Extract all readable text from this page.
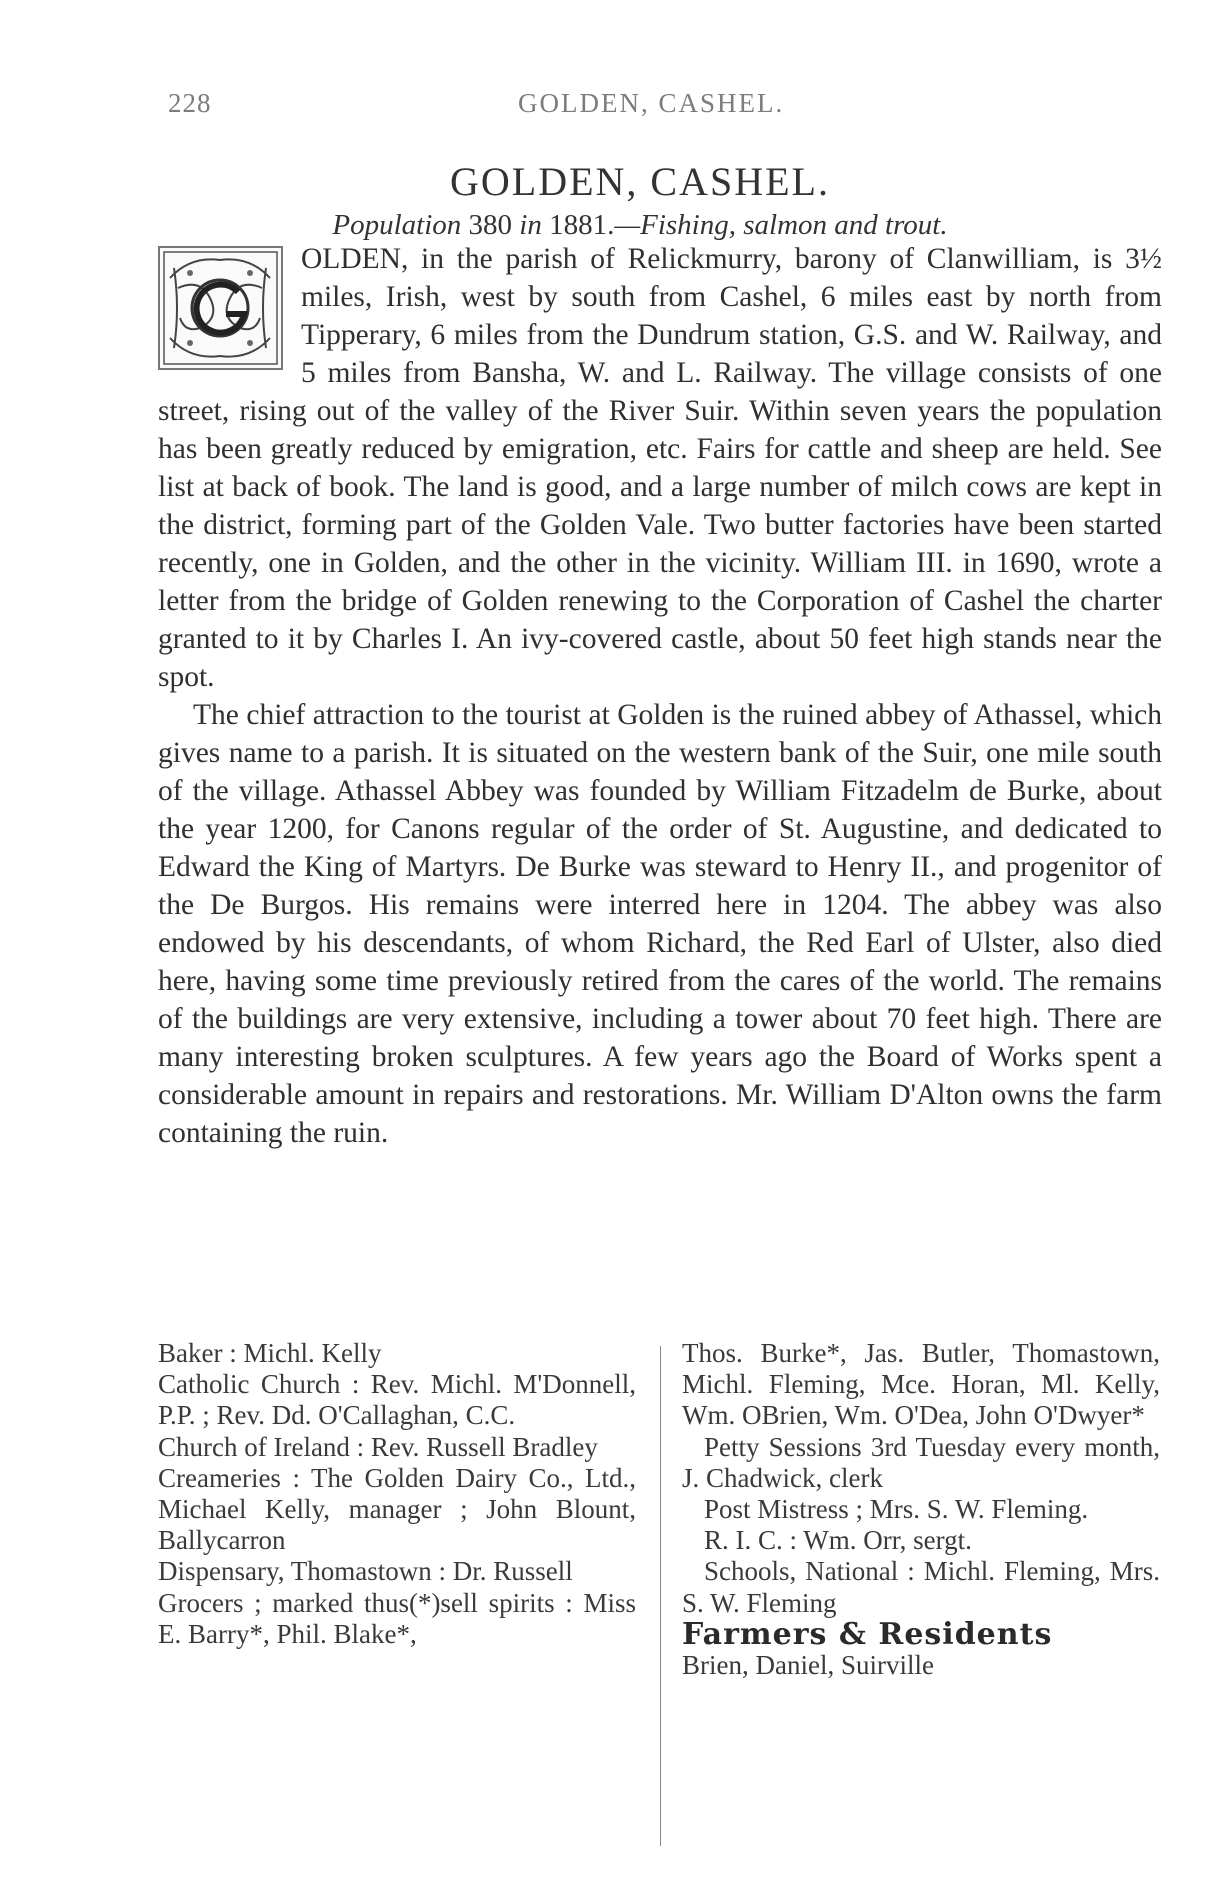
228	GOLDEN, CASHEL.
GOLDEN, CASHEL.
Population 380 in 1881.—Fishing, salmon and trout.

OLDEN, in the parish of Relickmurry, barony of Clanwilliam, is 3½ miles, Irish, west by south from Cashel, 6 miles east by north from Tipperary, 6 miles from the Dundrum station, G.S. and W. Railway, and 5 miles from Bansha, W. and L. Railway. The village consists of one street, rising out of the valley of the River Suir. Within seven years the population has been greatly reduced by emigration, etc. Fairs for cattle and sheep are held. See list at back of book. The land is good, and a large number of milch cows are kept in the district, forming part of the Golden Vale. Two butter factories have been started recently, one in Golden, and the other in the vicinity. William III. in 1690, wrote a letter from the bridge of Golden renewing to the Corporation of Cashel the charter granted to it by Charles I. An ivy-covered castle, about 50 feet high stands near the spot.

The chief attraction to the tourist at Golden is the ruined abbey of Athassel, which gives name to a parish. It is situated on the western bank of the Suir, one mile south of the village. Athassel Abbey was founded by William Fitzadelm de Burke, about the year 1200, for Canons regular of the order of St. Augustine, and dedicated to Edward the King of Martyrs. De Burke was steward to Henry II., and progenitor of the De Burgos. His remains were interred here in 1204. The abbey was also endowed by his descendants, of whom Richard, the Red Earl of Ulster, also died here, having some time previously retired from the cares of the world. The remains of the buildings are very extensive, including a tower about 70 feet high. There are many interesting broken sculptures. A few years ago the Board of Works spent a considerable amount in repairs and restorations. Mr. William D'Alton owns the farm containing the ruin.

Baker : Michl. Kelly

Catholic Church : Rev. Michl. M'Donnell, P.P. ; Rev. Dd. O'Callaghan, C.C.

Church of Ireland : Rev. Russell Bradley

Creameries : The Golden Dairy Co., Ltd., Michael Kelly, manager ; John Blount, Ballycarron

Dispensary, Thomastown : Dr. Russell

Grocers ; marked thus(*)sell spirits : Miss E. Barry*, Phil. Blake*,

Thos. Burke*, Jas. Butler, Thomastown, Michl. Fleming, Mce. Horan, Ml. Kelly, Wm. OBrien, Wm. O'Dea, John O'Dwyer*

Petty Sessions 3rd Tuesday every month, J. Chadwick, clerk

Post Mistress ; Mrs. S. W. Fleming.

R. I. C. : Wm. Orr, sergt.

Schools, National : Michl. Fleming, Mrs. S. W. Fleming

Farmers & Residents

Brien, Daniel, Suirville
